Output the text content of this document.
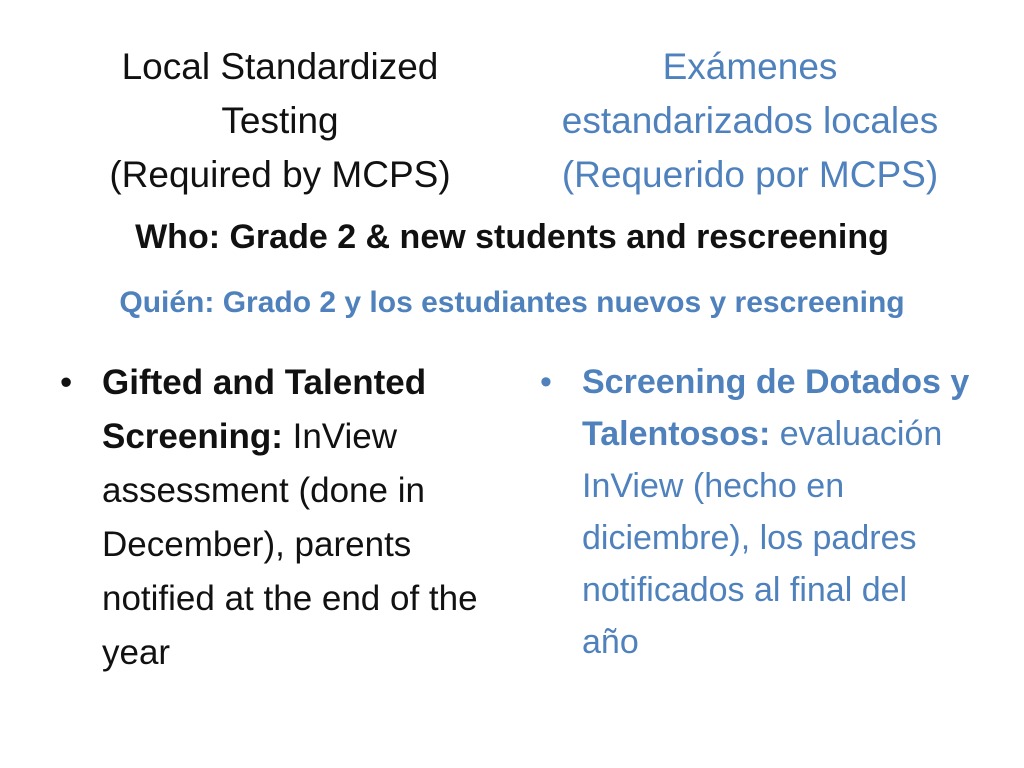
Local Standardized
Testing
(Required by MCPS)
Exámenes
estandarizados locales
(Requerido por MCPS)
Who: Grade 2 & new students and rescreening
Quién: Grado 2 y los estudiantes nuevos y rescreening
• Gifted and Talented Screening: InView assessment (done in December), parents notified at the end of the year
• Screening de Dotados y Talentosos: evaluación InView (hecho en diciembre), los padres notificados al final del año
